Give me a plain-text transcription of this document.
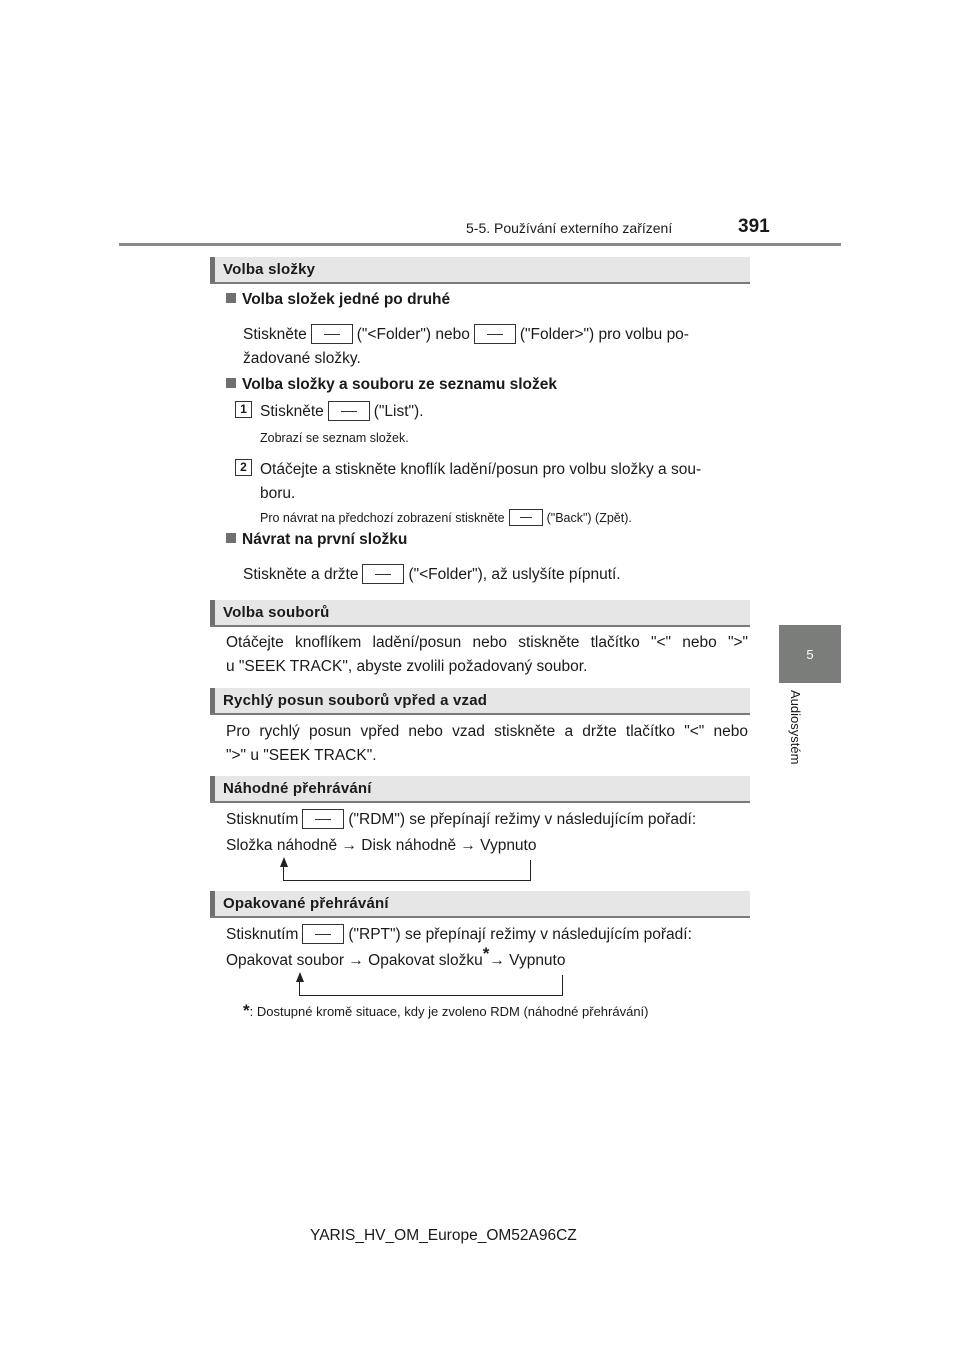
5-5. Používání externího zařízení	391
5
Audiosystém
Volba složky
Volba složek jedné po druhé
Stiskněte	("<Folder") nebo	("Folder>") pro volbu po-
žadované složky.
Volba složky a souboru ze seznamu složek
1 Stiskněte	("List").
Zobrazí se seznam složek.
2 Otáčejte a stiskněte knoflík ladění/posun pro volbu složky a sou-
boru.
Pro návrat na předchozí zobrazení stiskněte	("Back") (Zpět).
Návrat na první složku
Stiskněte a držte	("<Folder"), až uslyšíte pípnutí.
Volba souborů
Otáčejte knoflíkem ladění/posun nebo stiskněte tlačítko "<" nebo ">"
u "SEEK TRACK", abyste zvolili požadovaný soubor.
Rychlý posun souborů vpřed a vzad
Pro rychlý posun vpřed nebo vzad stiskněte a držte tlačítko "<" nebo
">" u "SEEK TRACK".
Náhodné přehrávání
Stisknutím	("RDM") se přepínají režimy v následujícím pořadí:
Složka náhodně → Disk náhodně → Vypnuto
Opakované přehrávání
Stisknutím	("RPT") se přepínají režimy v následujícím pořadí:
Opakovat soubor → Opakovat složku*→ Vypnuto
*: Dostupné kromě situace, kdy je zvoleno RDM (náhodné přehrávání)
YARIS_HV_OM_Europe_OM52A96CZ
